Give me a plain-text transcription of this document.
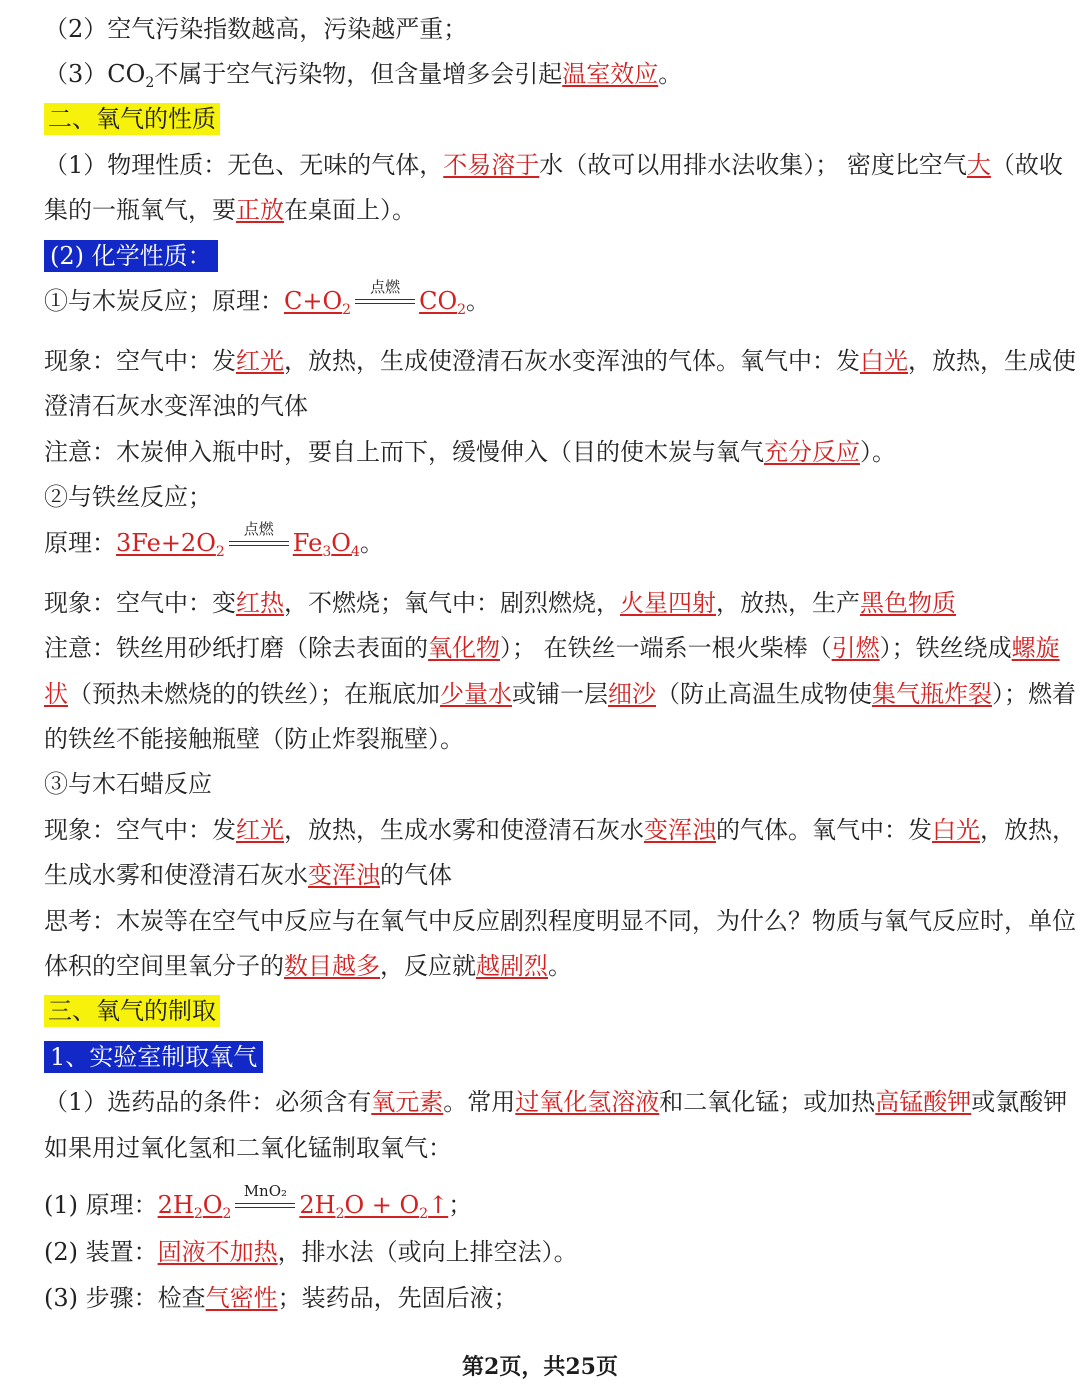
（2）空气污染指数越高，污染越严重；
$(3)CO_2$不属于空气污染物，但含量增多会引起温室效应。
二、氧气的性质
（1）物理性质：无色、无味的气体，不易溶于水（故可以用排水法收集）； 密度比空气大（故收
集的一瓶氧气，要正放在桌面上）。
(2) 化学性质：
①与木炭反应；原理：$C+O_2$
点燃 $CO_2$。
现象：空气中：发红光，放热，生成使澄清石灰水变浑浊的气体。氧气中：发白光，放热，生成使
澄清石灰水变浑浊的气体
注意：木炭伸入瓶中时，要自上而下，缓慢伸入（目的使木炭与氧气充分反应）。
②与铁丝反应；
原理：$3Fe+2O_2$
点燃 $Fe_3O_4$。
现象：空气中：变红热，不燃烧；氧气中：剧烈燃烧，火星四射，放热，生产黑色物质
注意：铁丝用砂纸打磨（除去表面的氧化物）； 在铁丝一端系一根火柴棒（引燃）；铁丝绕成螺旋
状（预热未燃烧的的铁丝）；在瓶底加少量水或铺一层细沙（防止高温生成物使集气瓶炸裂）；燃着
的铁丝不能接触瓶壁（防止炸裂瓶壁）。
③与木石蜡反应
现象：空气中：发红光，放热，生成水雾和使澄清石灰水变浑浊的气体。氧气中：发白光，放热，
生成水雾和使澄清石灰水变浑浊的气体
思考：木炭等在空气中反应与在氧气中反应剧烈程度明显不同，为什么？物质与氧气反应时，单位
体积的空间里氧分子的数目越多，反应就越剧烈。
三、氧气的制取
1、实验室制取氧气
（1）选药品的条件：必须含有氧元素。常用过氧化氢溶液和二氧化锰；或加热高锰酸钾或氯酸钾
如果用过氧化氢和二氧化锰制取氧气：
(1) 原理：$2H_2O_2$
MnO₂ $2H_2O$ + $O_2↑$；
(2) 装置：固液不加热，排水法（或向上排空法）。
(3) 步骤：检查气密性；装药品，先固后液；
第2页，共25页
